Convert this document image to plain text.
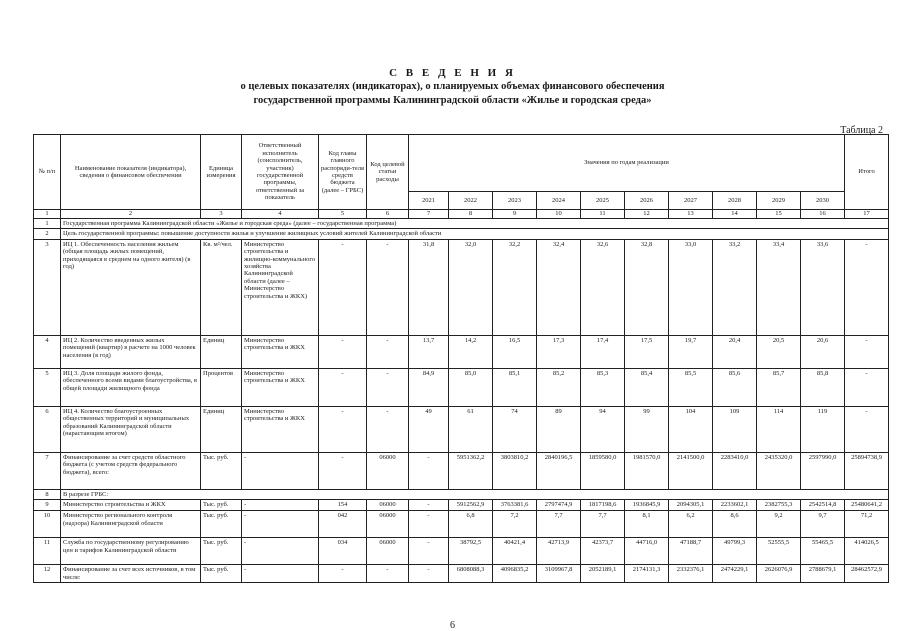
С В Е Д Е Н И Я
о целевых показателях (индикаторах), о планируемых объемах финансового обеспечения
государственной программы Калининградской области «Жилье и городская среда»
Таблица 2
№ п/п	Наименование показателя (индикатора), сведения о финансовом обеспечении	Единица измерения	Ответственный исполнитель (соисполнитель, участник) государственной программы, ответственный за показатель	Код главы главного распоряди-теля средств бюджета (далее – ГРБС)	Код целевой статьи расходы	Значения по годам реализации										Итого
						2021	2022	2023	2024	2025	2026	2027	2028	2029	2030	
1	2	3	4	5	6	7	8	9	10	11	12	13	14	15	16	17
1	Государственная программа Калининградской области «Жилье и городская среда» (далее – государственная программа)															
2	Цель государственной программы: повышение доступности жилья и улучшение жилищных условий жителей Калининградской области															
3	ИЦ 1. Обеспеченность населения жильем (общая площадь жилых помещений, приходящаяся в среднем на одного жителя) (в год)	Кв. м²/чел.	Министерство строительства и жилищно-коммунального хозяйства Калининградской области (далее – Министерство строительства и ЖКХ)	-	-	31,8	32,0	32,2	32,4	32,6	32,8	33,0	33,2	33,4	33,6	-
4	ИЦ 2. Количество введенных жилых помещений (квартир) в расчете на 1000 человек населения (в год)	Единиц	Министерство строительства и ЖКХ	-	-	13,7	14,2	16,5	17,3	17,4	17,5	19,7	20,4	20,5	20,6	-
5	ИЦ 3. Доля площади жилого фонда, обеспеченного всеми видами благоустройства, в общей площади жилищного фонда	Процентов	Министерство строительства и ЖКХ	-	-	84,9	85,0	85,1	85,2	85,3	85,4	85,5	85,6	85,7	85,8	-
6	ИЦ 4. Количество благоустроенных общественных территорий и муниципальных образований Калининградской области (нарастающим итогом)	Единиц	Министерство строительства и ЖКХ	-	-	49	61	74	89	94	99	104	109	114	119	-
7	Финансирование за счет средств областного бюджета (с учетом средств федерального бюджета), всего:	Тыс. руб.	-	-	06000	-	5951362,2	3803810,2	2840196,5	1859580,0	1981570,0	2141500,0	2283410,0	2435320,0	2597990,0	25894738,9
8	В разрезе ГРБС:															
9	Министерство строительства и ЖКХ	Тыс. руб.	-	154	06000	-	5912562,9	3763381,6	2797474,9	1817198,6	1936845,9	2094305,1	2233602,1	2382755,3	2542514,8	25480641,2
10	Министерство регионального контроля (надзора) Калининградской области	Тыс. руб.	-	042	06000	-	6,8	7,2	7,7	7,7	8,1	6,2	8,6	9,2	9,7	71,2
11	Служба по государственному регулированию цен и тарифов Калининградской области	Тыс. руб.	-	034	06000	-	38792,5	40421,4	42713,9	42373,7	44716,0	47188,7	49799,3	52555,5	55465,5	414026,5
12	Финансирование за счет всех источников, в том числе:	Тыс. руб.	-	-	-	-	6808088,3	4096835,2	3109967,8	2052189,1	2174131,3	2332376,1	2474229,1	2626076,9	2788679,1	28462572,9
6
